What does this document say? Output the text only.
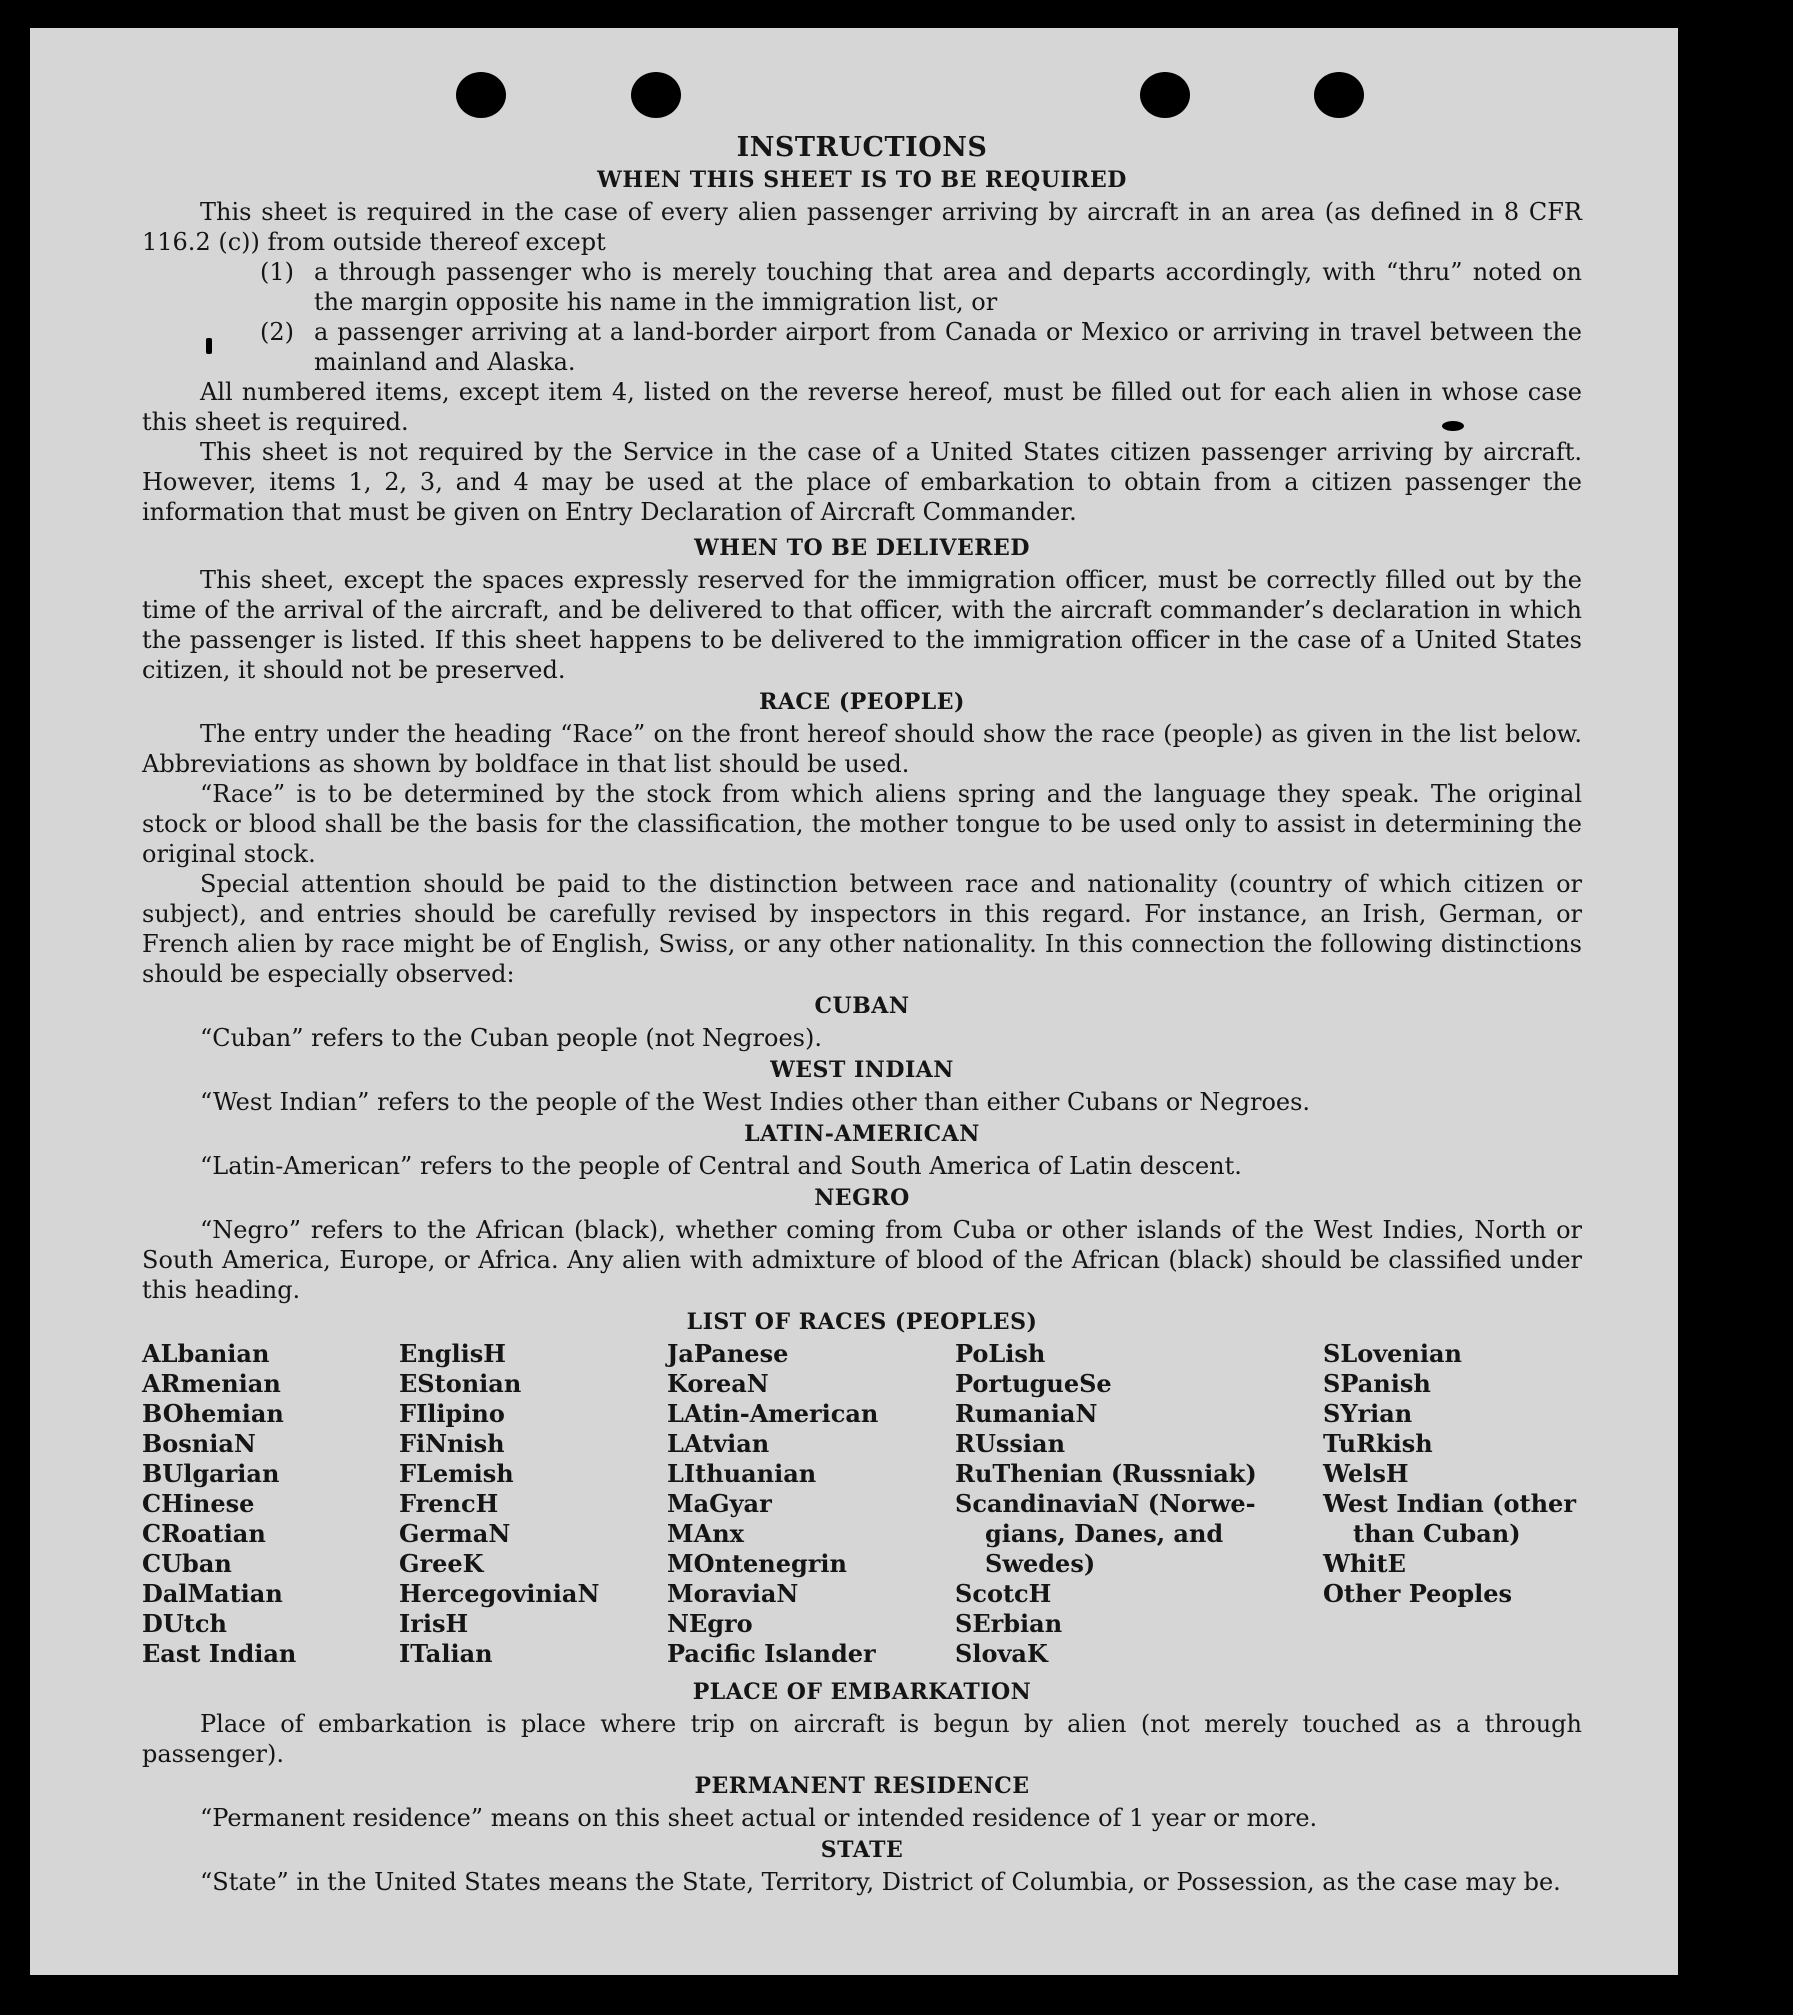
INSTRUCTIONS
WHEN THIS SHEET IS TO BE REQUIRED

This sheet is required in the case of every alien passenger arriving by aircraft in an area (as defined in 8 CFR 116.2 (c)) from outside thereof except

(1) a through passenger who is merely touching that area and departs accordingly, with “thru” noted on the margin opposite his name in the immigration list, or
(2) a passenger arriving at a land-border airport from Canada or Mexico or arriving in travel between the mainland and Alaska.

All numbered items, except item 4, listed on the reverse hereof, must be filled out for each alien in whose case this sheet is required.

This sheet is not required by the Service in the case of a United States citizen passenger arriving by aircraft. However, items 1, 2, 3, and 4 may be used at the place of embarkation to obtain from a citizen passenger the information that must be given on Entry Declaration of Aircraft Commander.

WHEN TO BE DELIVERED

This sheet, except the spaces expressly reserved for the immigration officer, must be correctly filled out by the time of the arrival of the aircraft, and be delivered to that officer, with the aircraft commander’s declaration in which the passenger is listed. If this sheet happens to be delivered to the immigration officer in the case of a United States citizen, it should not be preserved.

RACE (PEOPLE)

The entry under the heading “Race” on the front hereof should show the race (people) as given in the list below. Abbreviations as shown by boldface in that list should be used.

“Race” is to be determined by the stock from which aliens spring and the language they speak. The original stock or blood shall be the basis for the classification, the mother tongue to be used only to assist in determining the original stock.

Special attention should be paid to the distinction between race and nationality (country of which citizen or subject), and entries should be carefully revised by inspectors in this regard. For instance, an Irish, German, or French alien by race might be of English, Swiss, or any other nationality. In this connection the following distinctions should be especially observed:

CUBAN
“Cuban” refers to the Cuban people (not Negroes).
WEST INDIAN
“West Indian” refers to the people of the West Indies other than either Cubans or Negroes.
LATIN-AMERICAN
“Latin-American” refers to the people of Central and South America of Latin descent.
NEGRO

“Negro” refers to the African (black), whether coming from Cuba or other islands of the West Indies, North or South America, Europe, or Africa. Any alien with admixture of blood of the African (black) should be classified under this heading.

LIST OF RACES (PEOPLES)
ALbanian
ARmenian
BOhemian
BosniaN
BUlgarian
CHinese
CRoatian
CUban
DalMatian
DUtch
East Indian
EnglisH
EStonian
FIlipino
FiNnish
FLemish
FrencH
GermaN
GreeK
HercegoviniaN
IrisH
ITalian
JaPanese
KoreaN
LAtin-American
LAtvian
LIthuanian
MaGyar
MAnx
MOntenegrin
MoraviaN
NEgro
Pacific Islander
PoLish
PortugueSe
RumaniaN
RUssian
RuThenian (Russniak)
ScandinaviaN (Norwe-
gians, Danes, and
Swedes)
ScotcH
SErbian
SlovaK
SLovenian
SPanish
SYrian
TuRkish
WelsH
West Indian (other
than Cuban)
WhitE
Other Peoples
PLACE OF EMBARKATION

Place of embarkation is place where trip on aircraft is begun by alien (not merely touched as a through passenger).

PERMANENT RESIDENCE
“Permanent residence” means on this sheet actual or intended residence of 1 year or more.
STATE

“State” in the United States means the State, Territory, District of Columbia, or Possession, as the case may be.
